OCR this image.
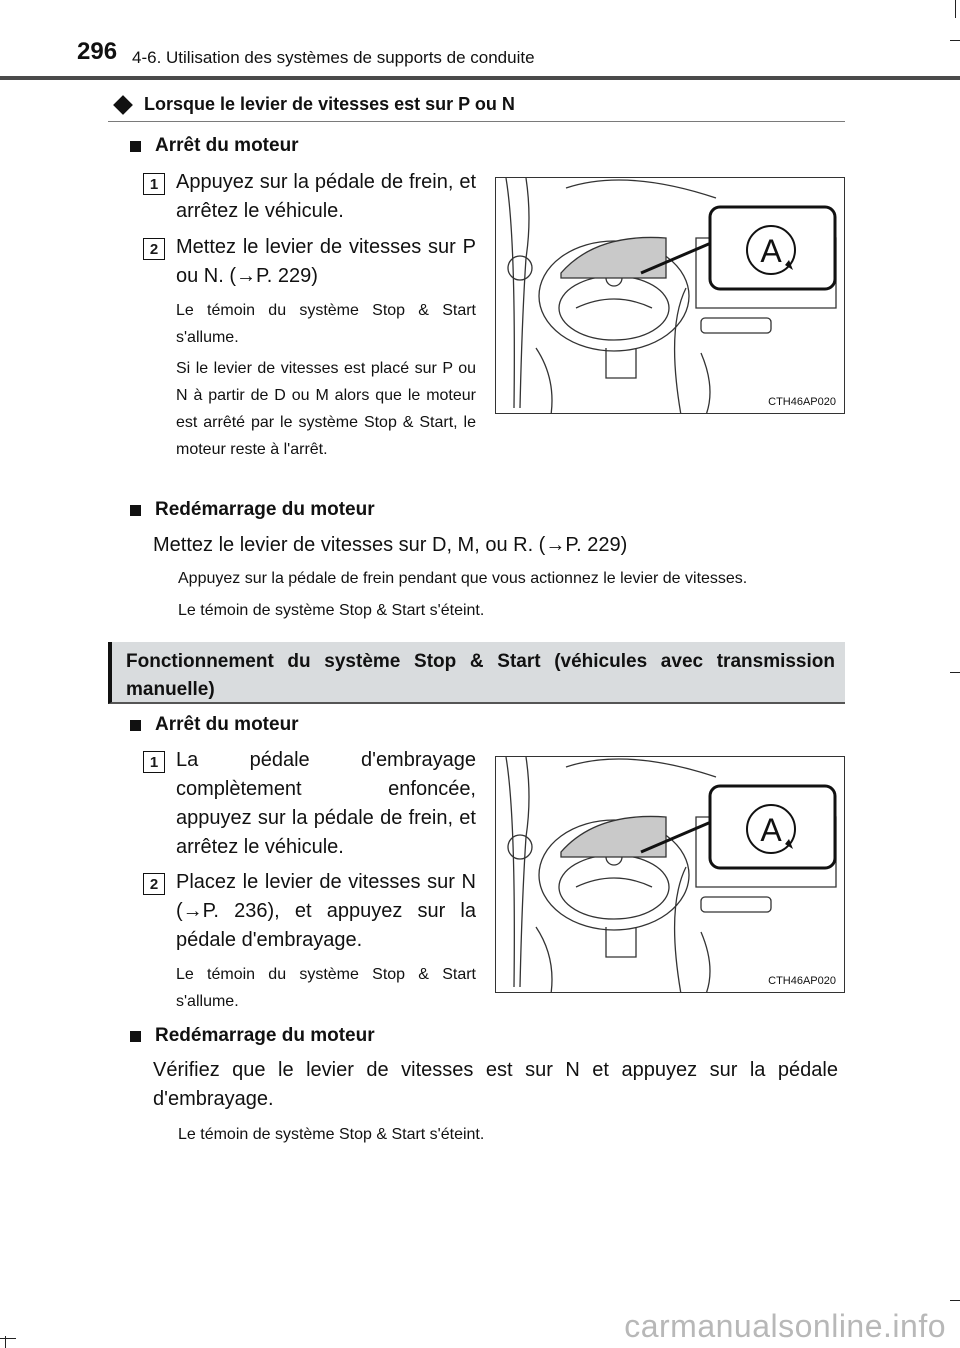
296 4-6. Utilisation des systèmes de supports de conduite
Lorsque le levier de vitesses est sur P ou N
Arrêt du moteur
1 Appuyez sur la pédale de frein, et arrêtez le véhicule.
2 Mettez le levier de vitesses sur P ou N. (→P. 229)
Le témoin du système Stop & Start s'allume.
Si le levier de vitesses est placé sur P ou N à partir de D ou M alors que le moteur est arrêté par le système Stop & Start, le moteur reste à l'arrêt.
A
CTH46AP020
Redémarrage du moteur
Mettez le levier de vitesses sur D, M, ou R. (→P. 229)
Appuyez sur la pédale de frein pendant que vous actionnez le levier de vitesses.
Le témoin de système Stop & Start s'éteint.
Fonctionnement du système Stop & Start (véhicules avec transmission manuelle)
Arrêt du moteur
1 La pédale d'embrayage complètement enfoncée, appuyez sur la pédale de frein, et arrêtez le véhicule.
2 Placez le levier de vitesses sur N (→P. 236), et appuyez sur la pédale d'embrayage.
Le témoin du système Stop & Start s'allume.
A
CTH46AP020
Redémarrage du moteur
Vérifiez que le levier de vitesses est sur N et appuyez sur la pédale d'embrayage.
Le témoin de système Stop & Start s'éteint.
carmanualsonline.info
